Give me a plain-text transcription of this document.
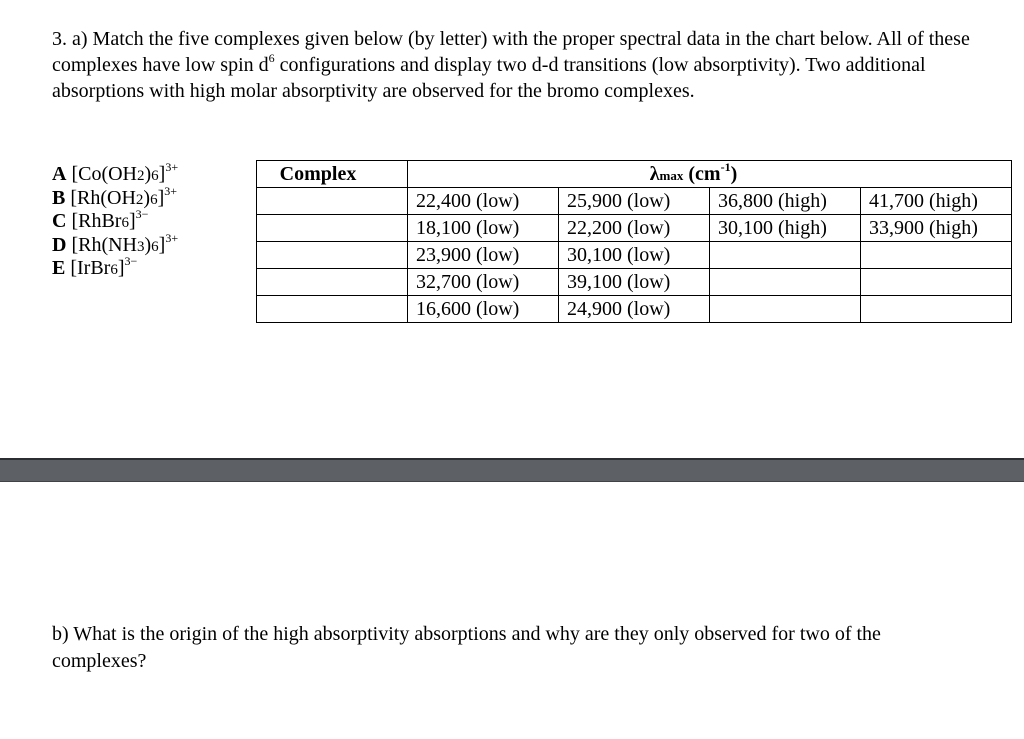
3. a) Match the five complexes given below (by letter) with the proper spectral data in the chart below. All of these complexes have low spin $d^6$ configurations and display two d-d transitions (low absorptivity). Two additional absorptions with high molar absorptivity are observed for the bromo complexes.
A $[Co(OH2)6]^{3+}$
B $[Rh(OH2)6]^{3+}$
C [RhBr6]$^{3-}$
D $[Rh(NH3)6]^{3+}$
E [IrBr6]$^{3-}$
Complex	λmax $(cm^{-1})$			
	22,400 (low)	25,900 (low)	36,800 (high)	41,700 (high)
	18,100 (low)	22,200 (low)	30,100 (high)	33,900 (high)
	23,900 (low)	30,100 (low)		
	32,700 (low)	39,100 (low)		
	16,600 (low)	24,900 (low)		
b) What is the origin of the high absorptivity absorptions and why are they only observed for two of the complexes?
